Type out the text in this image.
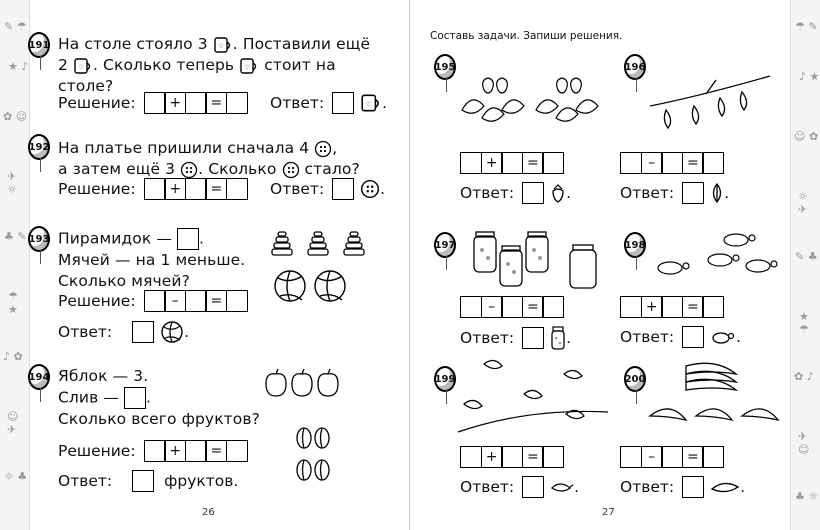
✎ ☂
★ ♪
✿ ☺
✈ ☼
♣ ✎
☂ ★
♪ ✿
☺ ✈
☼ ♣
☂ ✎
♪ ★
☺ ✿
☼ ✈
✎ ♣
★ ☂
✿ ♪
✈ ☺
♣ ☼
191 На столе стояло 3 ♡ . Поставили ещё
2 ♡ . Сколько теперь ♡ стоит на
столе?
Решение:	+	=	Ответ:	♡ .
192 На платье пришили сначала 4 ,
а затем ещё 3 . Сколько стало?
Решение:	+	=	Ответ:	.
193 Пирамидок — .
Мячей — на 1 меньше.
Сколько мячей?
Решение:	–	=
Ответ:	.
194 Яблок — 3.
Слив — .
Сколько всего фруктов?
Решение:	+	=
Ответ:	фруктов.
26
Составь задачи. Запиши решения.
195
+	=
Ответ:	.
196
–	=
Ответ:	.
197
–	=
Ответ:	.
198
+	=
Ответ:	.
199
+	=
Ответ:	.
200
–	=
Ответ:	.
27
